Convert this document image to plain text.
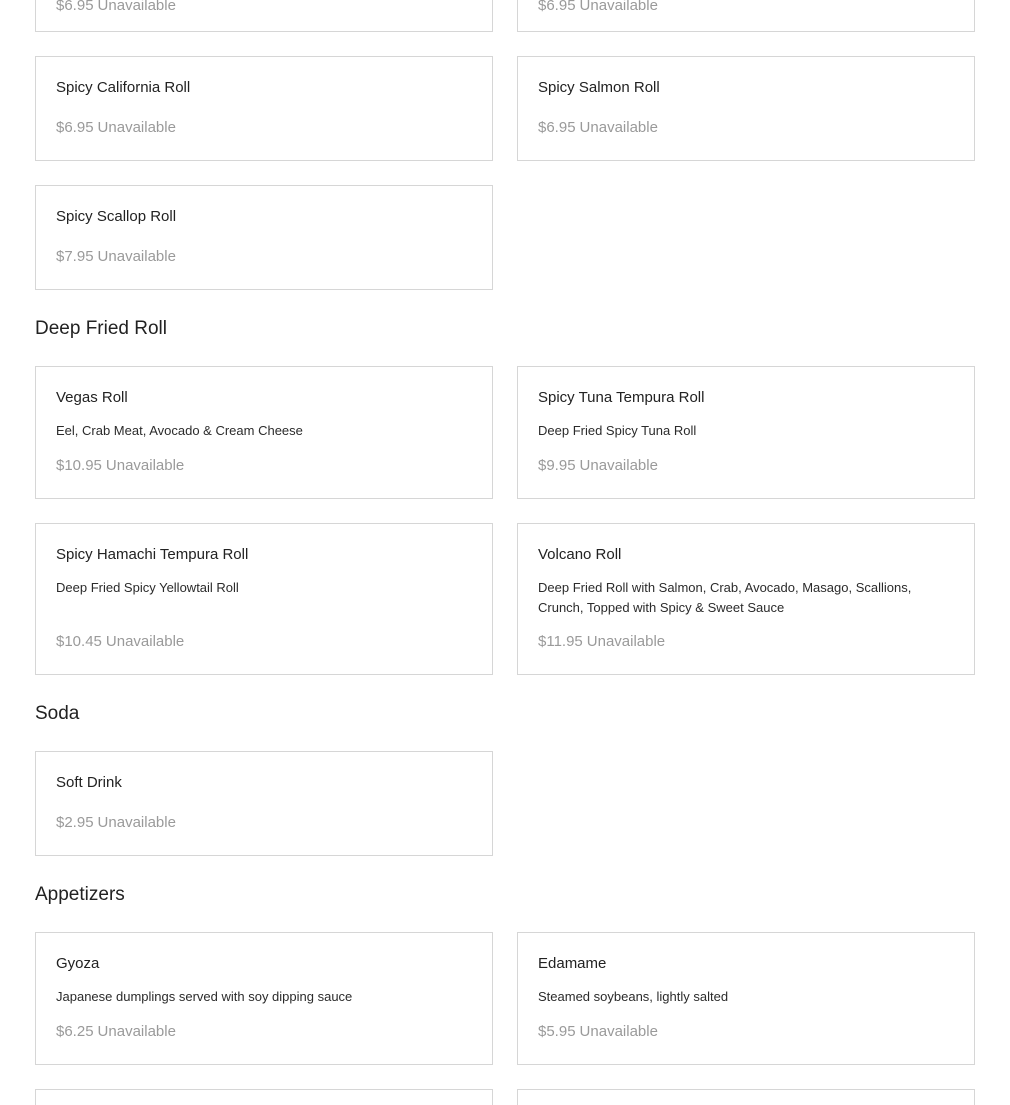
$6.95 Unavailable	$6.95 Unavailable
Spicy California Roll
$6.95 Unavailable
Spicy Salmon Roll
$6.95 Unavailable
Spicy Scallop Roll
$7.95 Unavailable
Deep Fried Roll
Vegas Roll
Eel, Crab Meat, Avocado & Cream Cheese
$10.95 Unavailable
Spicy Tuna Tempura Roll
Deep Fried Spicy Tuna Roll
$9.95 Unavailable
Spicy Hamachi Tempura Roll
Deep Fried Spicy Yellowtail Roll
$10.45 Unavailable
Volcano Roll
Deep Fried Roll with Salmon, Crab, Avocado, Masago, Scallions, Crunch, Topped with Spicy & Sweet Sauce
$11.95 Unavailable
Soda
Soft Drink
$2.95 Unavailable
Appetizers
Gyoza
Japanese dumplings served with soy dipping sauce
$6.25 Unavailable
Edamame
Steamed soybeans, lightly salted
$5.95 Unavailable
